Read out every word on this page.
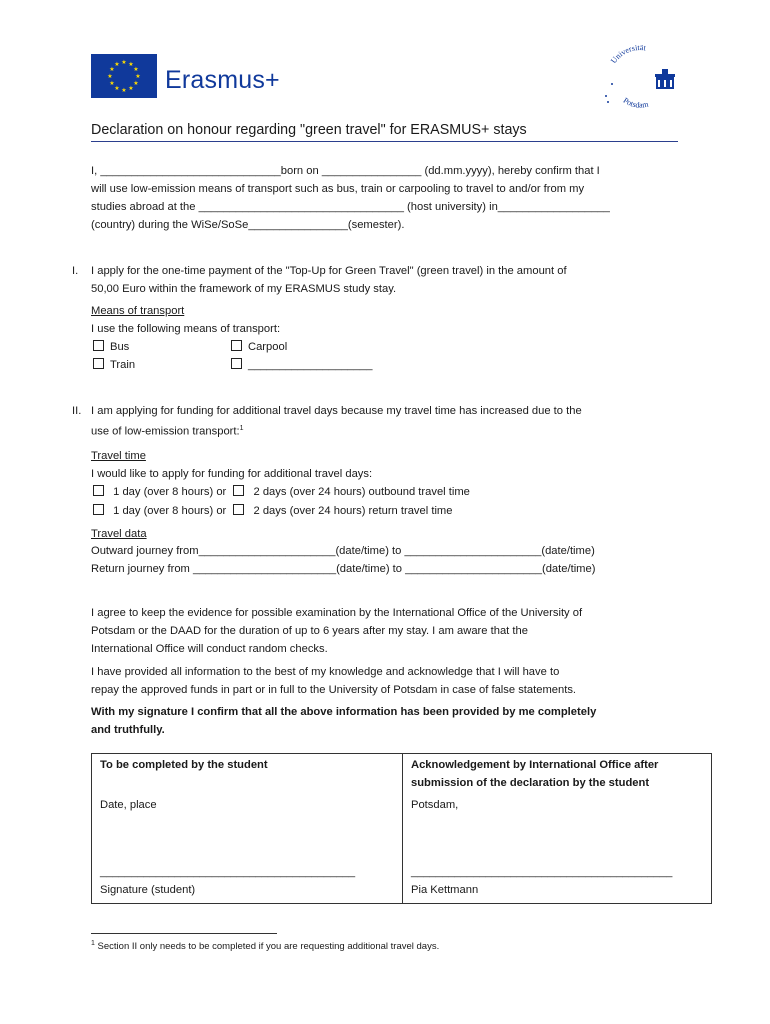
★ ★
★
★
★
★
★
★
★
★
★
★
Erasmus+
Universität
Potsdam
Declaration on honour regarding "green travel" for ERASMUS+ stays
I, _____________________________born on ________________ (dd.mm.yyyy), hereby confirm that I
will use low-emission means of transport such as bus, train or carpooling to travel to and/or from my
studies abroad at the _________________________________ (host university) in__________________
(country) during the WiSe/SoSe________________(semester).
I. I apply for the one-time payment of the "Top-Up for Green Travel" (green travel) in the amount of
50,00 Euro within the framework of my ERASMUS study stay.
Means of transport
I use the following means of transport:
Bus	Carpool
Train	____________________
II. I am applying for funding for additional travel days because my travel time has increased due to the
use of low-emission transport:$^1$
Travel time
I would like to apply for funding for additional travel days:
1 day (over 8 hours) or 2 days (over 24 hours) outbound travel time
1 day (over 8 hours) or 2 days (over 24 hours) return travel time
Travel data
Outward journey from______________________(date/time) to ______________________(date/time)
Return journey from _______________________(date/time) to ______________________(date/time)
I agree to keep the evidence for possible examination by the International Office of the University of
Potsdam or the DAAD for the duration of up to 6 years after my stay. I am aware that the
International Office will conduct random checks.
I have provided all information to the best of my knowledge and acknowledge that I will have to
repay the approved funds in part or in full to the University of Potsdam in case of false statements.
With my signature I confirm that all the above information has been provided by me completely
and truthfully.
To be completed by the student
Date, place
_________________________________________
Signature (student)

Acknowledgement by International Office after
submission of the declaration by the student
Potsdam,
__________________________________________
Pia Kettmann
$^1$ Section II only needs to be completed if you are requesting additional travel days.
